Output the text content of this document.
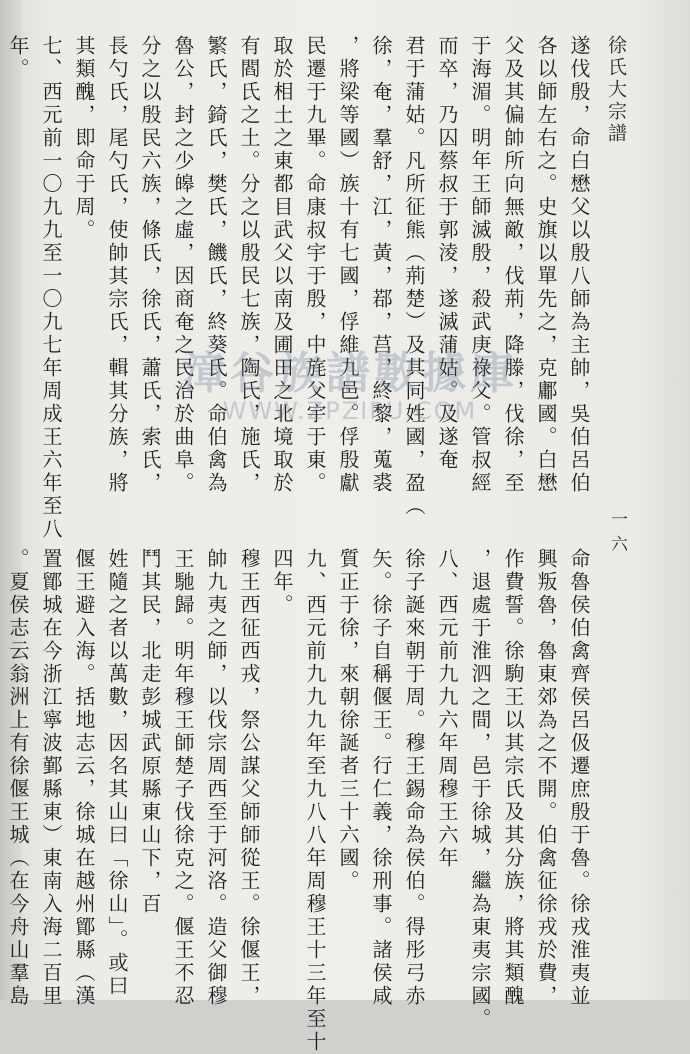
徐氏大宗譜
一六
遂伐殷，命白懋父以殷八師為主帥，吳伯呂伯
各以師左右之。史旗以單先之，克鄘國。白懋
父及其偏帥所向無敵，伐荊，降滕，伐徐，至
于海湄。明年王師滅殷，殺武庚祿父。管叔經
而卒，乃囚蔡叔于郭淩，遂滅蒲姑。及遂奄
君于蒲姑。凡所征熊（荊楚）及其同姓國，盈（
徐，奄，羣舒，江，黃，鄀，莒，終黎，蒐裘
，將梁等國）族十有七國，俘維九邑。俘殷獻
民遷于九畢。命康叔宇于殷，中旄父宇于東。
取於相土之東都目武父以南及圃田之北境取於
有閻氏之土。分之以殷民七族，陶氏，施氏，
繁氏，錡氏，樊氏，饑氏，終葵氏。命伯禽為
魯公，封之少皞之虛，因商奄之民治於曲阜。
分之以殷民六族，條氏，徐氏，蕭氏，索氏，
長勺氏，尾勺氏，使帥其宗氏，輯其分族，將
其類醜，即命于周。
七、西元前一〇九九至一〇九七年周成王六年至八
年。
命魯侯伯禽齊侯呂伋遷庶殷于魯。徐戎淮夷並
興叛魯，魯東郊為之不開。伯禽征徐戎於費，
作費誓。徐駒王以其宗氏及其分族，將其類醜
，退處于淮泗之間，邑于徐城，繼為東夷宗國。
八、西元前九九六年周穆王六年
徐子誕來朝于周。穆王錫命為侯伯。得彤弓赤
矢。徐子自稱偃王。行仁義，徐刑事。諸侯咸
質正于徐，來朝徐誕者三十六國。
九、西元前九九九年至九八八年周穆王十三年至十
四年。
穆王西征西戎，祭公謀父師師從王。徐偃王，
帥九夷之師，以伐宗周西至于河洛。造父御穆
王馳歸。明年穆王師楚子伐徐克之。偃王不忍
鬥其民，北走彭城武原縣東山下，百
姓隨之者以萬數，因名其山曰「徐山」。或曰
偃王避入海。括地志云，徐城在越州鄮縣（漢
置鄮城在今浙江寧波鄞縣東）東南入海二百里
。夏侯志云翁洲上有徐偃王城（在今舟山羣島
漳谷族譜數據庫
WWW.ZPZIPU.COM
